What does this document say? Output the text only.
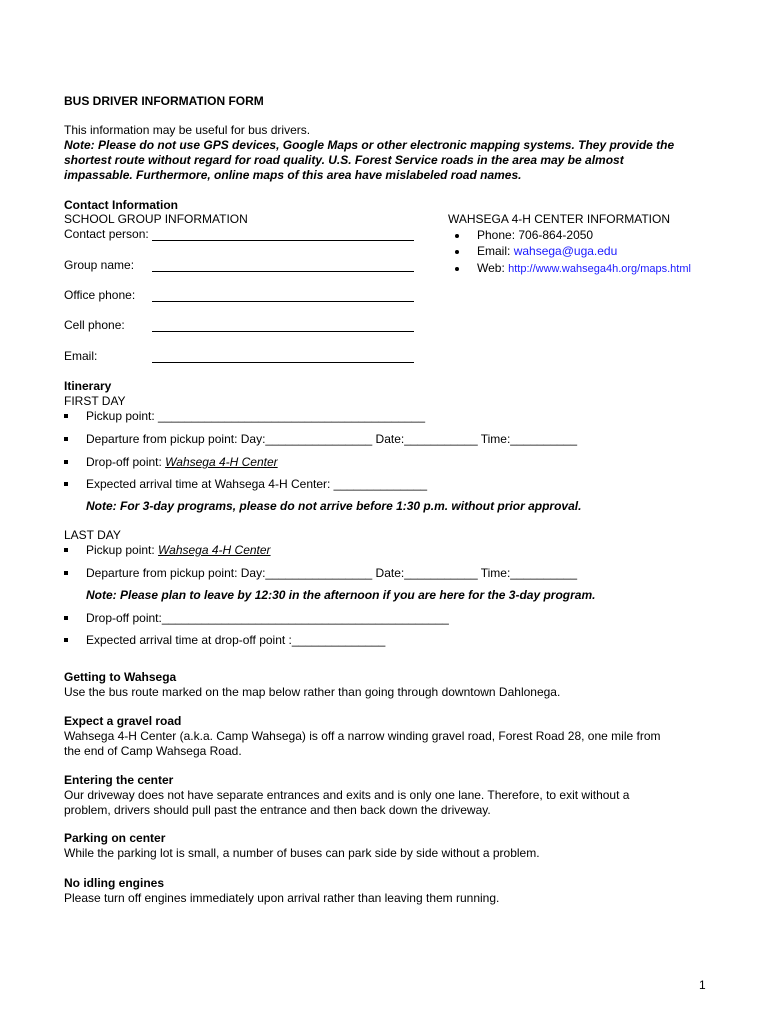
BUS DRIVER INFORMATION FORM
This information may be useful for bus drivers.
Note: Please do not use GPS devices, Google Maps or other electronic mapping systems. They provide the
shortest route without regard for road quality. U.S. Forest Service roads in the area may be almost
impassable. Furthermore, online maps of this area have mislabeled road names.
Contact Information
SCHOOL GROUP INFORMATION
Contact person:
Group name:
Office phone:
Cell phone:
Email:
WAHSEGA 4-H CENTER INFORMATION
Phone: 706-864-2050
Email: wahsega@uga.edu
Web: http://www.wahsega4h.org/maps.html
Itinerary
FIRST DAY
Pickup point: ________________________________________
Departure from pickup point: Day:________________ Date:___________ Time:__________
Drop-off point: Wahsega 4-H Center
Expected arrival time at Wahsega 4-H Center: ______________
Note: For 3-day programs, please do not arrive before 1:30 p.m. without prior approval.
LAST DAY
Pickup point: Wahsega 4-H Center
Departure from pickup point: Day:________________ Date:___________ Time:__________
Note: Please plan to leave by 12:30 in the afternoon if you are here for the 3-day program.
Drop-off point:___________________________________________
Expected arrival time at drop-off point :______________
Getting to Wahsega
Use the bus route marked on the map below rather than going through downtown Dahlonega.
Expect a gravel road
Wahsega 4-H Center (a.k.a. Camp Wahsega) is off a narrow winding gravel road, Forest Road 28, one mile from
the end of Camp Wahsega Road.
Entering the center
Our driveway does not have separate entrances and exits and is only one lane. Therefore, to exit without a
problem, drivers should pull past the entrance and then back down the driveway.
Parking on center
While the parking lot is small, a number of buses can park side by side without a problem.
No idling engines
Please turn off engines immediately upon arrival rather than leaving them running.
1
